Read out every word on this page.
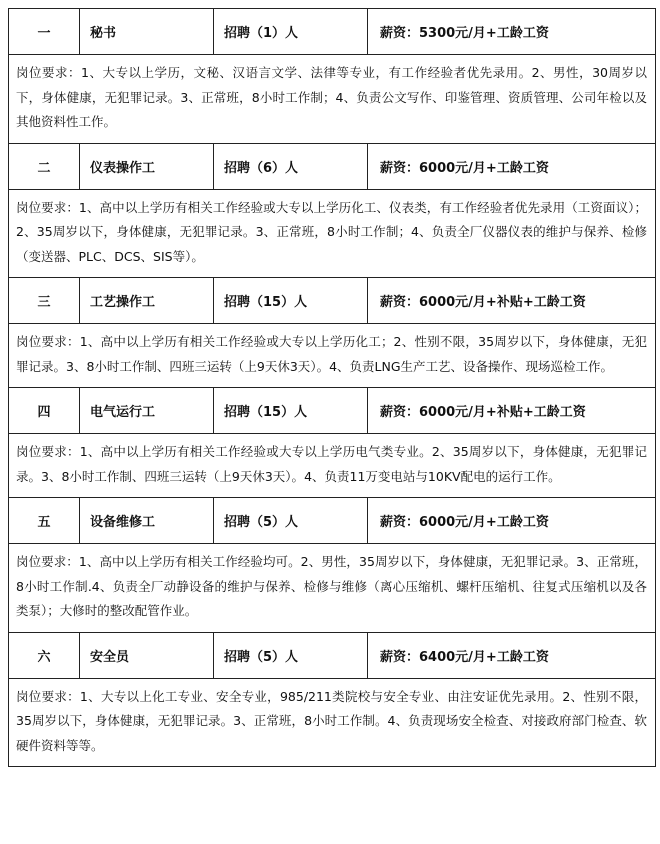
一	秘书	招聘（1）人	薪资：5300元/月+工龄工资
岗位要求：1、大专以上学历，文秘、汉语言文学、法律等专业，有工作经验者优先录用。2、男性，30周岁以下，身体健康，无犯罪记录。3、正常班，8小时工作制；4、负责公文写作、印鉴管理、资质管理、公司年检以及其他资料性工作。			
二	仪表操作工	招聘（6）人	薪资：6000元/月+工龄工资
岗位要求：1、高中以上学历有相关工作经验或大专以上学历化工、仪表类，有工作经验者优先录用（工资面议）；2、35周岁以下，身体健康，无犯罪记录。3、正常班，8小时工作制；4、负责全厂仪器仪表的维护与保养、检修（变送器、PLC、DCS、SIS等）。			
三	工艺操作工	招聘（15）人	薪资：6000元/月+补贴+工龄工资
岗位要求：1、高中以上学历有相关工作经验或大专以上学历化工；2、性别不限，35周岁以下，身体健康，无犯罪记录。3、8小时工作制、四班三运转（上9天休3天）。4、负责LNG生产工艺、设备操作、现场巡检工作。			
四	电气运行工	招聘（15）人	薪资：6000元/月+补贴+工龄工资
岗位要求：1、高中以上学历有相关工作经验或大专以上学历电气类专业。2、35周岁以下，身体健康，无犯罪记录。3、8小时工作制、四班三运转（上9天休3天）。4、负责11万变电站与10KV配电的运行工作。			
五	设备维修工	招聘（5）人	薪资：6000元/月+工龄工资
岗位要求：1、高中以上学历有相关工作经验均可。2、男性，35周岁以下，身体健康，无犯罪记录。3、正常班，8小时工作制.4、负责全厂动静设备的维护与保养、检修与维修（离心压缩机、螺杆压缩机、往复式压缩机以及各类泵）；大修时的整改配管作业。			
六	安全员	招聘（5）人	薪资：6400元/月+工龄工资
岗位要求：1、大专以上化工专业、安全专业，985/211类院校与安全专业、由注安证优先录用。2、性别不限，35周岁以下，身体健康，无犯罪记录。3、正常班，8小时工作制。4、负责现场安全检查、对接政府部门检查、软硬件资料等等。			
